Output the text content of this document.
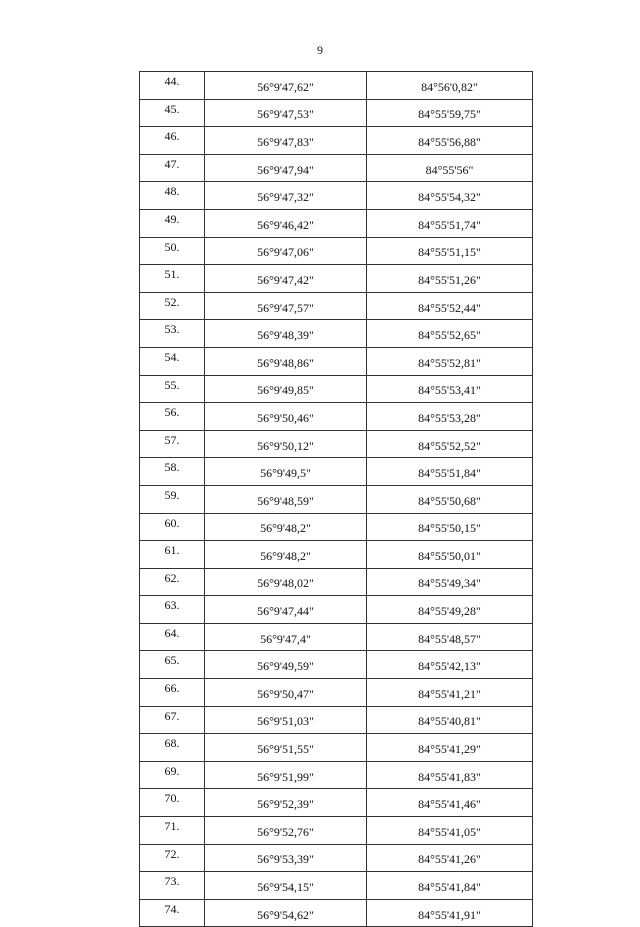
9
44.	56°9'47,62"	84°56'0,82"
45.	56°9'47,53"	84°55'59,75"
46.	56°9'47,83"	84°55'56,88"
47.	56°9'47,94"	84°55'56"
48.	56°9'47,32"	84°55'54,32"
49.	56°9'46,42"	84°55'51,74"
50.	56°9'47,06"	84°55'51,15"
51.	56°9'47,42"	84°55'51,26"
52.	56°9'47,57"	84°55'52,44"
53.	56°9'48,39"	84°55'52,65"
54.	56°9'48,86"	84°55'52,81"
55.	56°9'49,85"	84°55'53,41"
56.	56°9'50,46"	84°55'53,28"
57.	56°9'50,12"	84°55'52,52"
58.	56°9'49,5"	84°55'51,84"
59.	56°9'48,59"	84°55'50,68"
60.	56°9'48,2"	84°55'50,15"
61.	56°9'48,2"	84°55'50,01"
62.	56°9'48,02"	84°55'49,34"
63.	56°9'47,44"	84°55'49,28"
64.	56°9'47,4"	84°55'48,57"
65.	56°9'49,59"	84°55'42,13"
66.	56°9'50,47"	84°55'41,21"
67.	56°9'51,03"	84°55'40,81"
68.	56°9'51,55"	84°55'41,29"
69.	56°9'51,99"	84°55'41,83"
70.	56°9'52,39"	84°55'41,46"
71.	56°9'52,76"	84°55'41,05"
72.	56°9'53,39"	84°55'41,26"
73.	56°9'54,15"	84°55'41,84"
74.	56°9'54,62"	84°55'41,91"
